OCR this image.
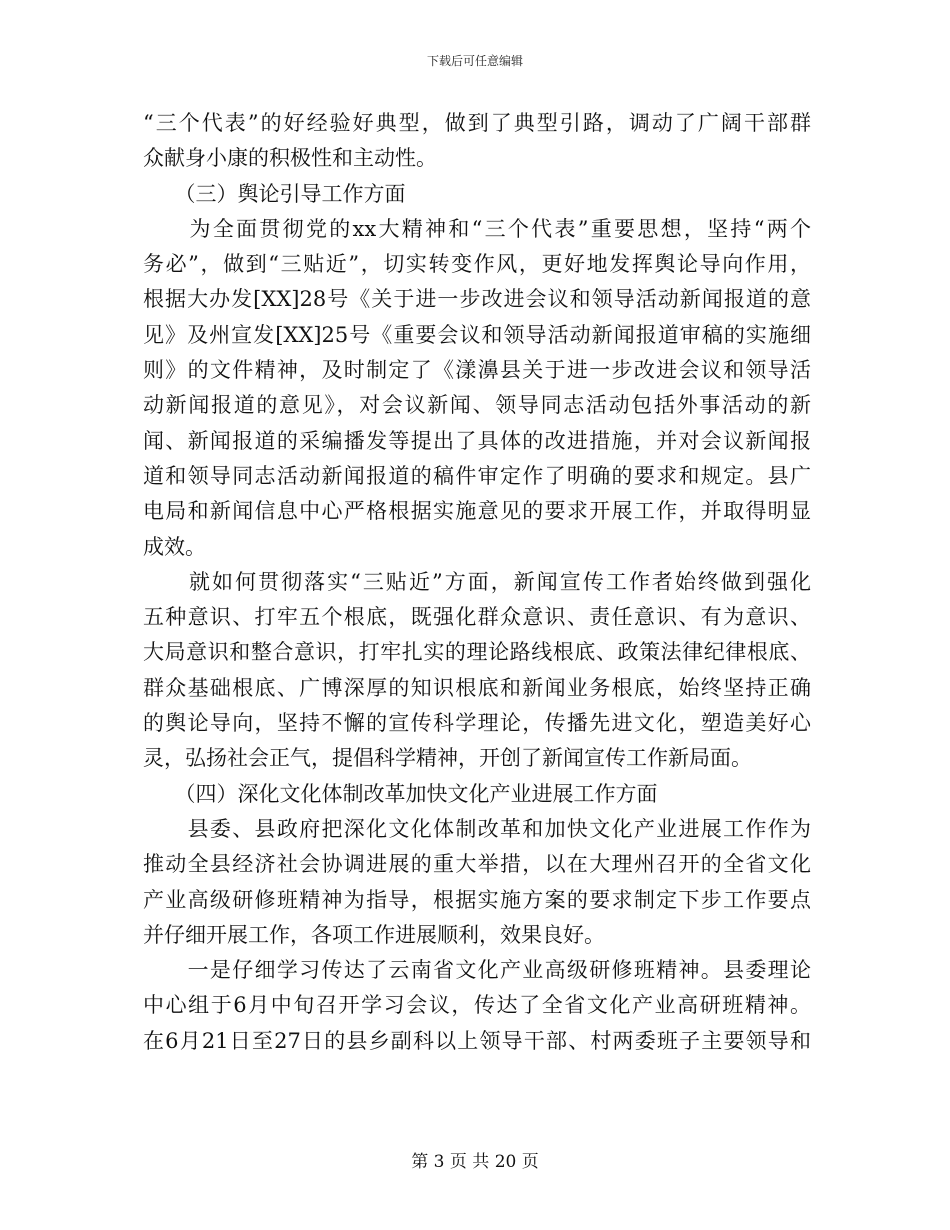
下载后可任意编辑
“三个代表”的好经验好典型，做到了典型引路，调动了广阔干部群
众献身小康的积极性和主动性。
　　（三）舆论引导工作方面
　　为全面贯彻党的xx大精神和“三个代表”重要思想，坚持“两个
务必”，做到“三贴近”，切实转变作风，更好地发挥舆论导向作用，
根据大办发[XX]28号《关于进一步改进会议和领导活动新闻报道的意
见》及州宣发[XX]25号《重要会议和领导活动新闻报道审稿的实施细
则》的文件精神，及时制定了《漾濞县关于进一步改进会议和领导活
动新闻报道的意见》，对会议新闻、领导同志活动包括外事活动的新
闻、新闻报道的采编播发等提出了具体的改进措施，并对会议新闻报
道和领导同志活动新闻报道的稿件审定作了明确的要求和规定。县广
电局和新闻信息中心严格根据实施意见的要求开展工作，并取得明显
成效。
　　就如何贯彻落实“三贴近”方面，新闻宣传工作者始终做到强化
五种意识、打牢五个根底，既强化群众意识、责任意识、有为意识、
大局意识和整合意识，打牢扎实的理论路线根底、政策法律纪律根底、
群众基础根底、广博深厚的知识根底和新闻业务根底，始终坚持正确
的舆论导向，坚持不懈的宣传科学理论，传播先进文化，塑造美好心
灵，弘扬社会正气，提倡科学精神，开创了新闻宣传工作新局面。
　　（四）深化文化体制改革加快文化产业进展工作方面
　　县委、县政府把深化文化体制改革和加快文化产业进展工作作为
推动全县经济社会协调进展的重大举措，以在大理州召开的全省文化
产业高级研修班精神为指导，根据实施方案的要求制定下步工作要点
并仔细开展工作，各项工作进展顺利，效果良好。
　　一是仔细学习传达了云南省文化产业高级研修班精神。县委理论
中心组于6月中旬召开学习会议，传达了全省文化产业高研班精神。
在6月21日至27日的县乡副科以上领导干部、村两委班子主要领导和
第 3 页 共 20 页
